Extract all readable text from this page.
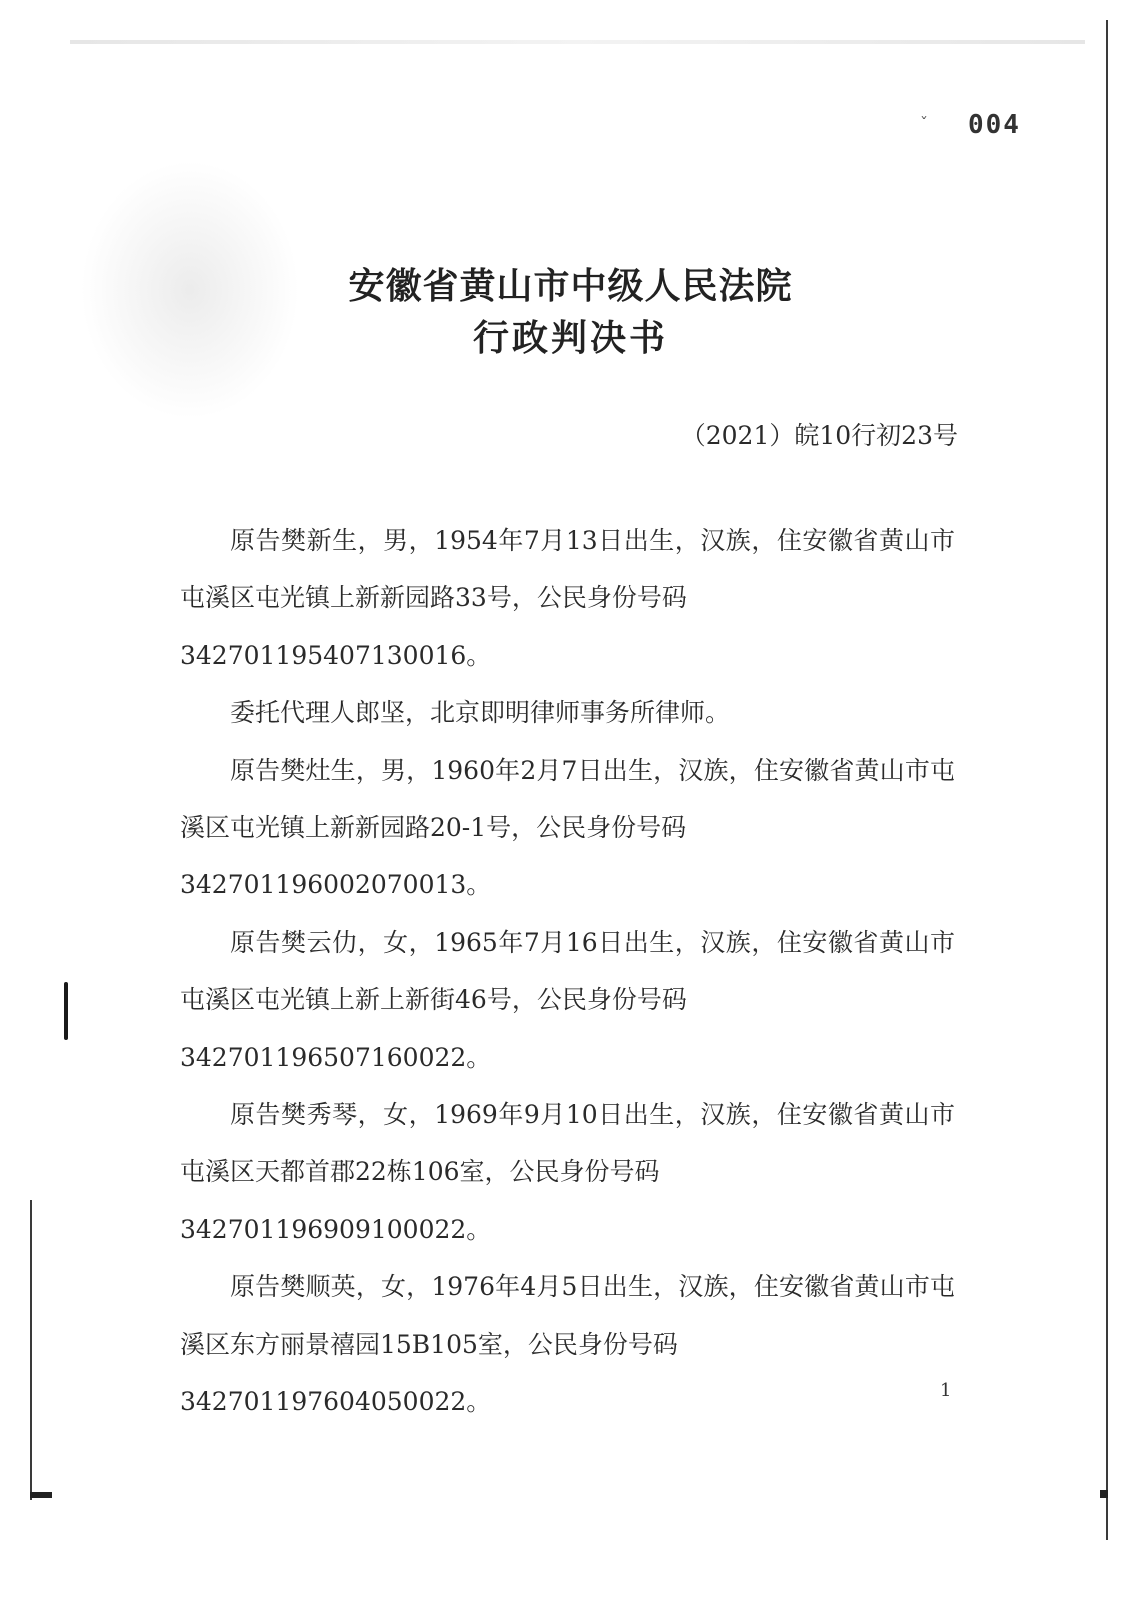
ˇ 004
安徽省黄山市中级人民法院
行政判决书
（2021）皖10行初23号

原告樊新生，男，1954年7月13日出生，汉族，住安徽省黄山市屯溪区屯光镇上新新园路33号，公民身份号码
342701195407130016。

委托代理人郎坚，北京即明律师事务所律师。

原告樊灶生，男，1960年2月7日出生，汉族，住安徽省黄山市屯溪区屯光镇上新新园路20-1号，公民身份号码
342701196002070013。

原告樊云仂，女，1965年7月16日出生，汉族，住安徽省黄山市屯溪区屯光镇上新上新街46号，公民身份号码
342701196507160022。

原告樊秀琴，女，1969年9月10日出生，汉族，住安徽省黄山市屯溪区天都首郡22栋106室，公民身份号码
342701196909100022。

原告樊顺英，女，1976年4月5日出生，汉族，住安徽省黄山市屯溪区东方丽景禧园15B105室，公民身份号码
342701197604050022。	1
